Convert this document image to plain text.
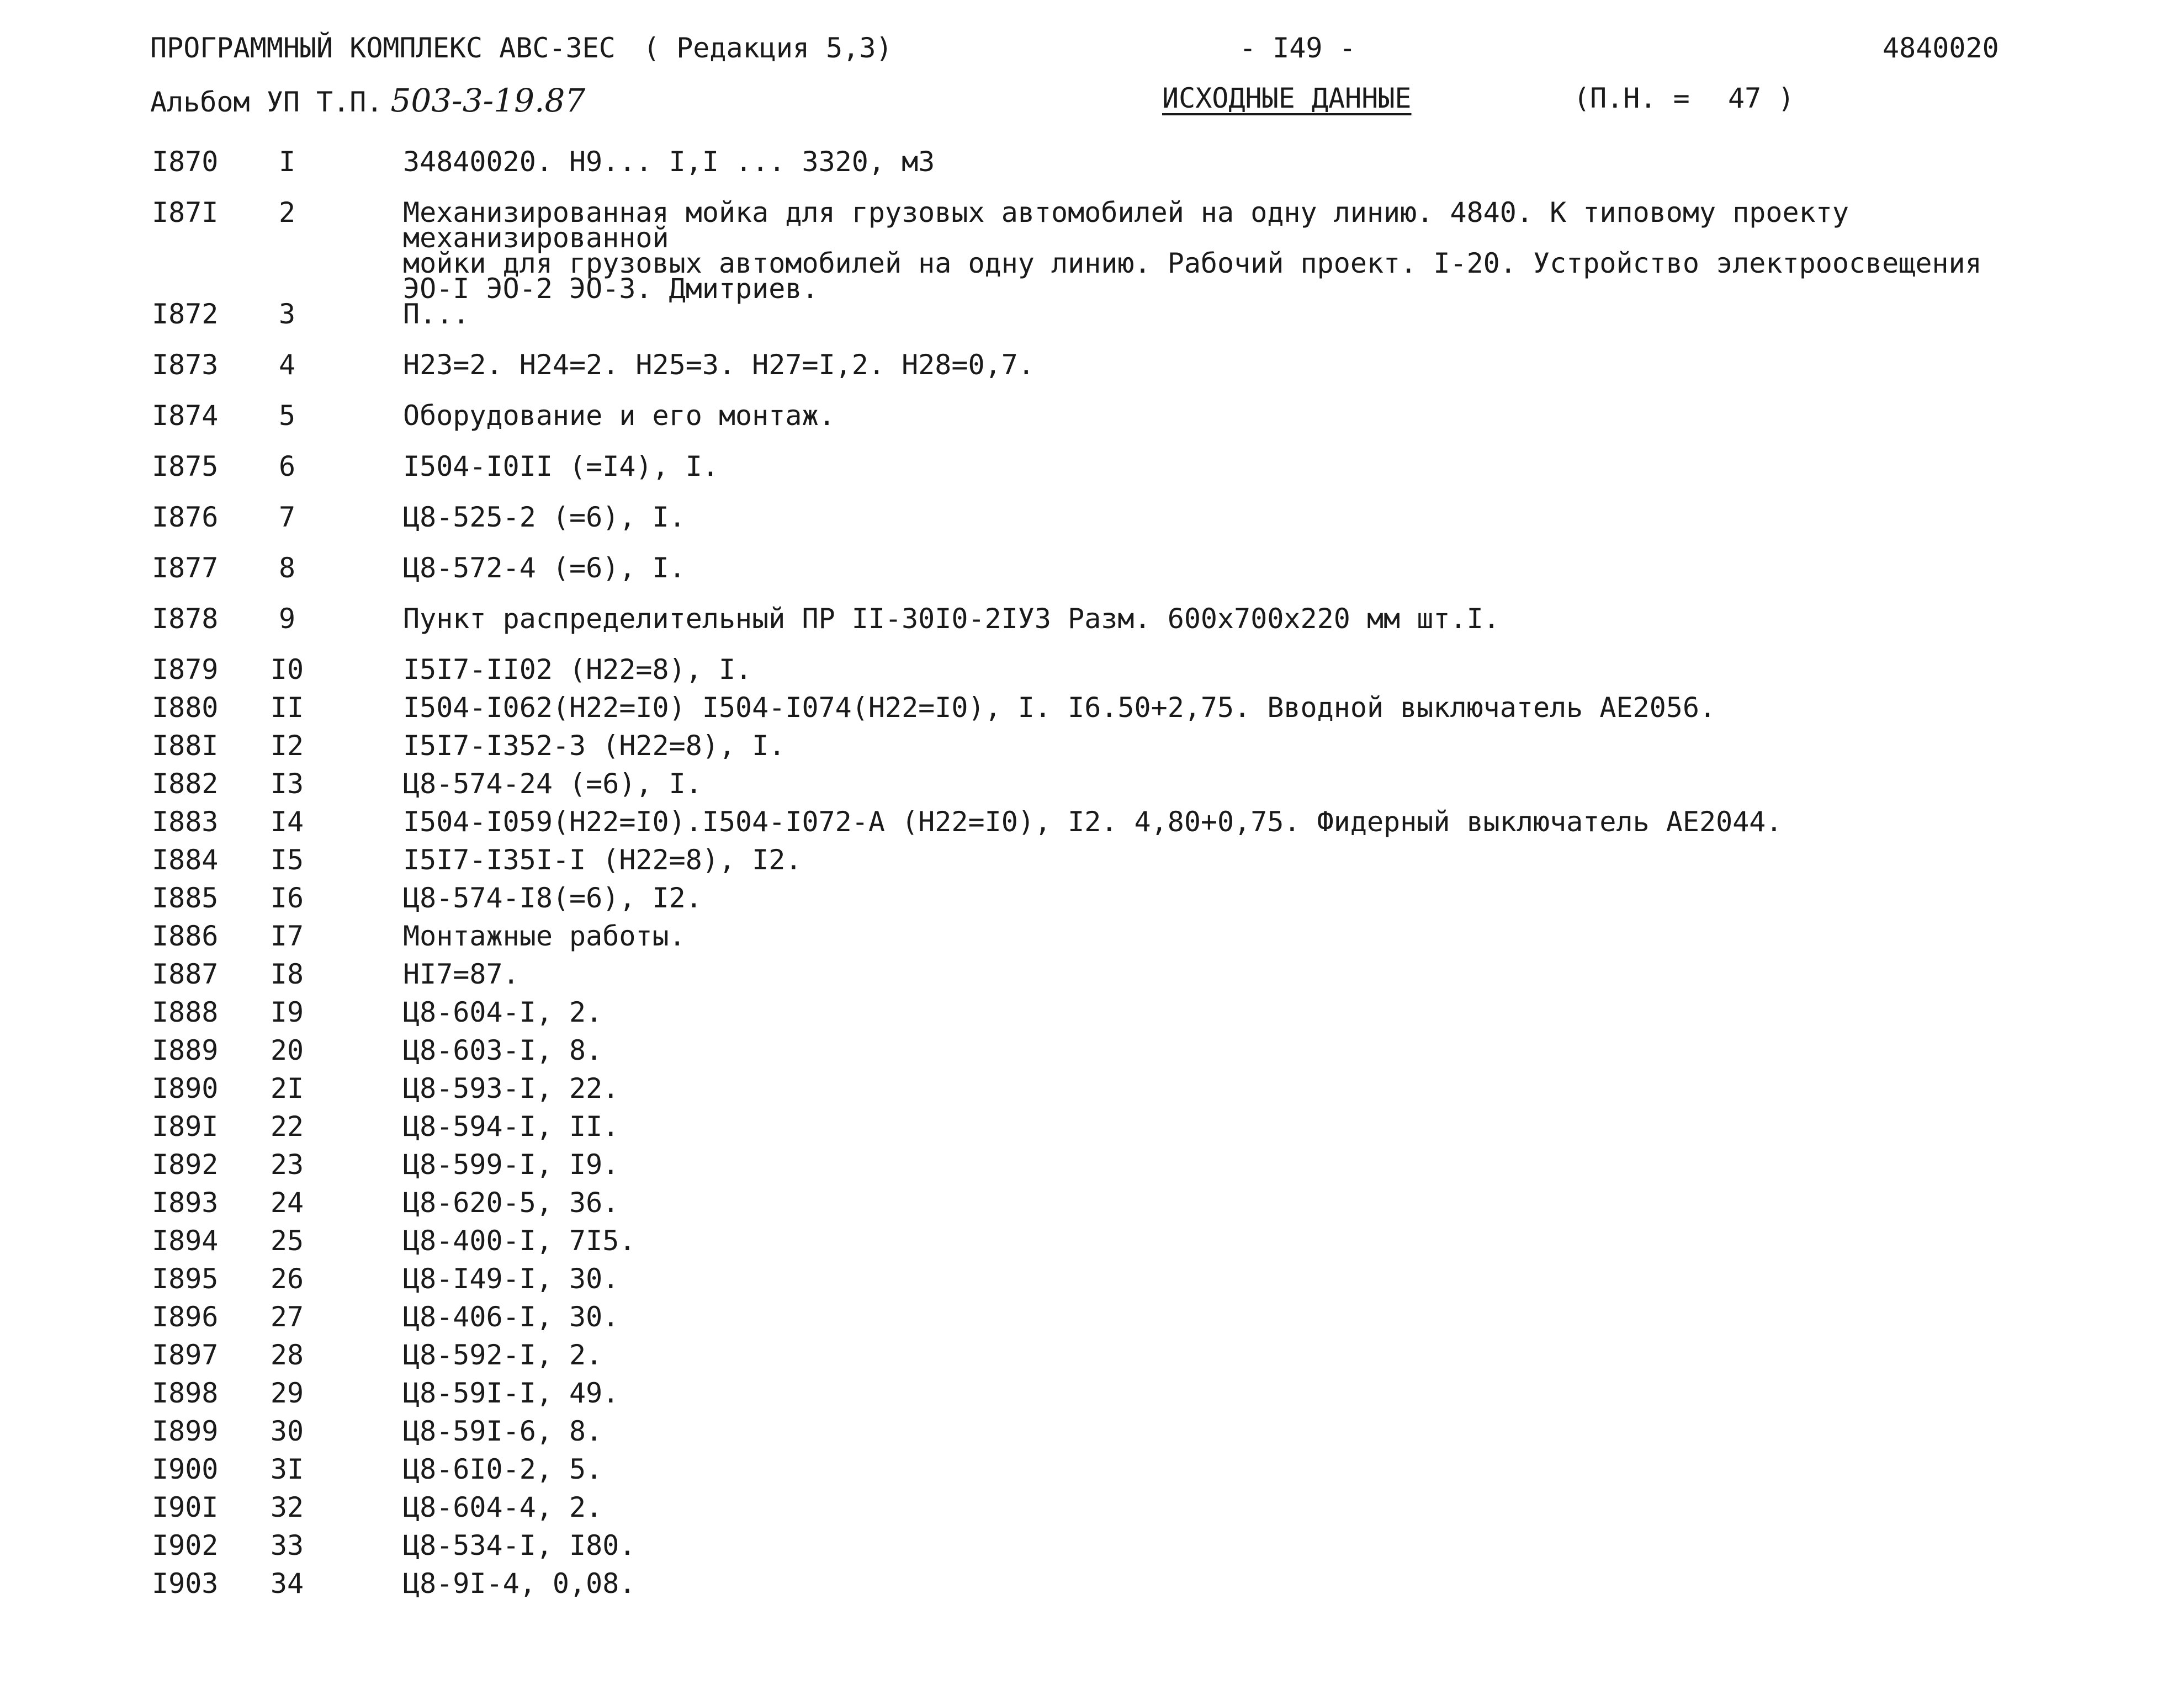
ПРОГРАММНЫЙ КОМПЛЕКС АВС-ЗЕС ( Редакция 5,3)	- I49 -	4840020
Альбом УП Т.П. 503-3-19.87	ИСХОДНЫЕ ДАННЫЕ	(П.Н. = 47 )
I870	I	34840020. Н9... I,I ... 3320, м3
I87I	2	Механизированная мойка для грузовых автомобилей на одну линию. 4840. К типовому проекту механизированной
мойки для грузовых автомобилей на одну линию. Рабочий проект. I-20. Устройство электроосвещения
ЭО-I ЭО-2 ЭО-3. Дмитриев.
I872	3	П...
I873	4	Н23=2. Н24=2. Н25=3. Н27=I,2. Н28=0,7.
I874	5	Оборудование и его монтаж.
I875	6	I504-I0II (=I4), I.
I876	7	Ц8-525-2 (=6), I.
I877	8	Ц8-572-4 (=6), I.
I878	9	Пункт распределительный ПР II-30I0-2IУ3 Разм. 600х700х220 мм шт.I.
I879	I0	I5I7-II02 (Н22=8), I.
I880	II	I504-I062(Н22=I0) I504-I074(Н22=I0), I. I6.50+2,75. Вводной выключатель АЕ2056.
I88I	I2	I5I7-I352-3 (Н22=8), I.
I882	I3	Ц8-574-24 (=6), I.
I883	I4	I504-I059(Н22=I0).I504-I072-А (Н22=I0), I2. 4,80+0,75. Фидерный выключатель АЕ2044.
I884	I5	I5I7-I35I-I (Н22=8), I2.
I885	I6	Ц8-574-I8(=6), I2.
I886	I7	Монтажные работы.
I887	I8	НI7=87.
I888	I9	Ц8-604-I, 2.
I889	20	Ц8-603-I, 8.
I890	2I	Ц8-593-I, 22.
I89I	22	Ц8-594-I, II.
I892	23	Ц8-599-I, I9.
I893	24	Ц8-620-5, 36.
I894	25	Ц8-400-I, 7I5.
I895	26	Ц8-I49-I, 30.
I896	27	Ц8-406-I, 30.
I897	28	Ц8-592-I, 2.
I898	29	Ц8-59I-I, 49.
I899	30	Ц8-59I-6, 8.
I900	3I	Ц8-6I0-2, 5.
I90I	32	Ц8-604-4, 2.
I902	33	Ц8-534-I, I80.
I903	34	Ц8-9I-4, 0,08.
